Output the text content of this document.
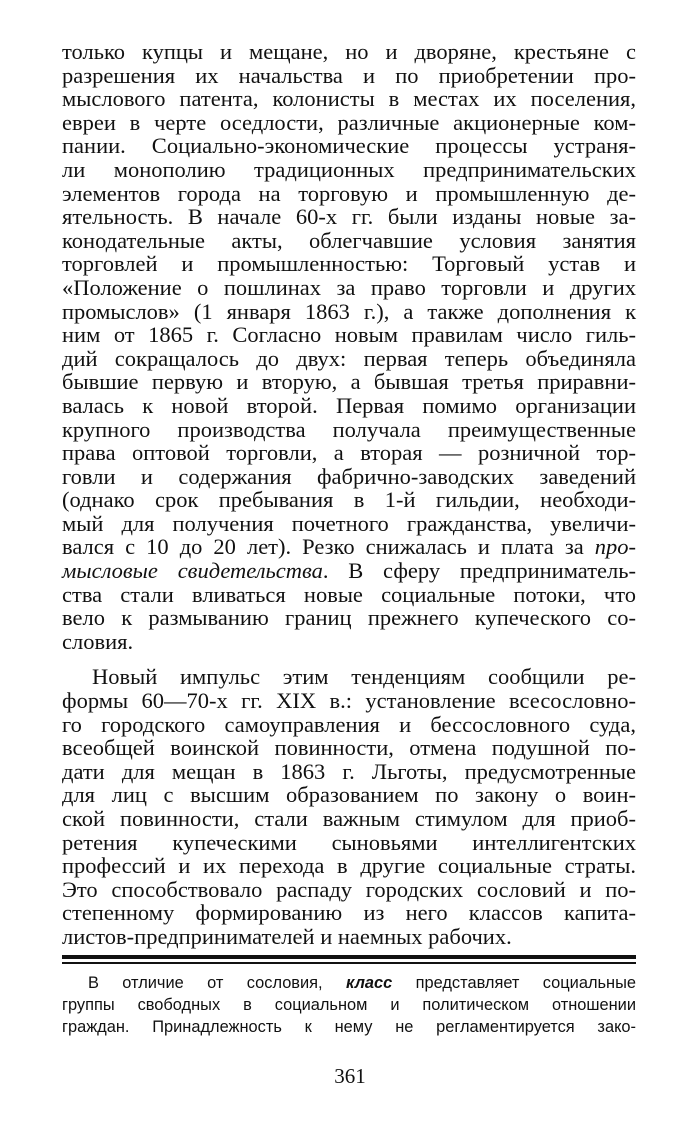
только купцы и мещане, но и дворяне, крестьяне с
разрешения их начальства и по приобретении про-
мыслового патента, колонисты в местах их поселения,
евреи в черте оседлости, различные акционерные ком-
пании. Социально-экономические процессы устраня-
ли монополию традиционных предпринимательских
элементов города на торговую и промышленную де-
ятельность. В начале 60-х гг. были изданы новые за-
конодательные акты, облегчавшие условия занятия
торговлей и промышленностью: Торговый устав и
«Положение о пошлинах за право торговли и других
промыслов» (1 января 1863 г.), а также дополнения к
ним от 1865 г. Согласно новым правилам число гиль-
дий сокращалось до двух: первая теперь объединяла
бывшие первую и вторую, а бывшая третья приравни-
валась к новой второй. Первая помимо организации
крупного производства получала преимущественные
права оптовой торговли, а вторая — розничной тор-
говли и содержания фабрично-заводских заведений
(однако срок пребывания в 1-й гильдии, необходи-
мый для получения почетного гражданства, увеличи-
вался с 10 до 20 лет). Резко снижалась и плата за про-
мысловые свидетельства. В сферу предприниматель-
ства стали вливаться новые социальные потоки, что
вело к размыванию границ прежнего купеческого со-
словия.
Новый импульс этим тенденциям сообщили ре-
формы 60—70-х гг. XIX в.: установление всесословно-
го городского самоуправления и бессословного суда,
всеобщей воинской повинности, отмена подушной по-
дати для мещан в 1863 г. Льготы, предусмотренные
для лиц с высшим образованием по закону о воин-
ской повинности, стали важным стимулом для приоб-
ретения купеческими сыновьями интеллигентских
профессий и их перехода в другие социальные страты.
Это способствовало распаду городских сословий и по-
степенному формированию из него классов капита-
листов-предпринимателей и наемных рабочих.
В отличие от сословия, класс представляет социальные
группы свободных в социальном и политическом отношении
граждан. Принадлежность к нему не регламентируется зако-
361
